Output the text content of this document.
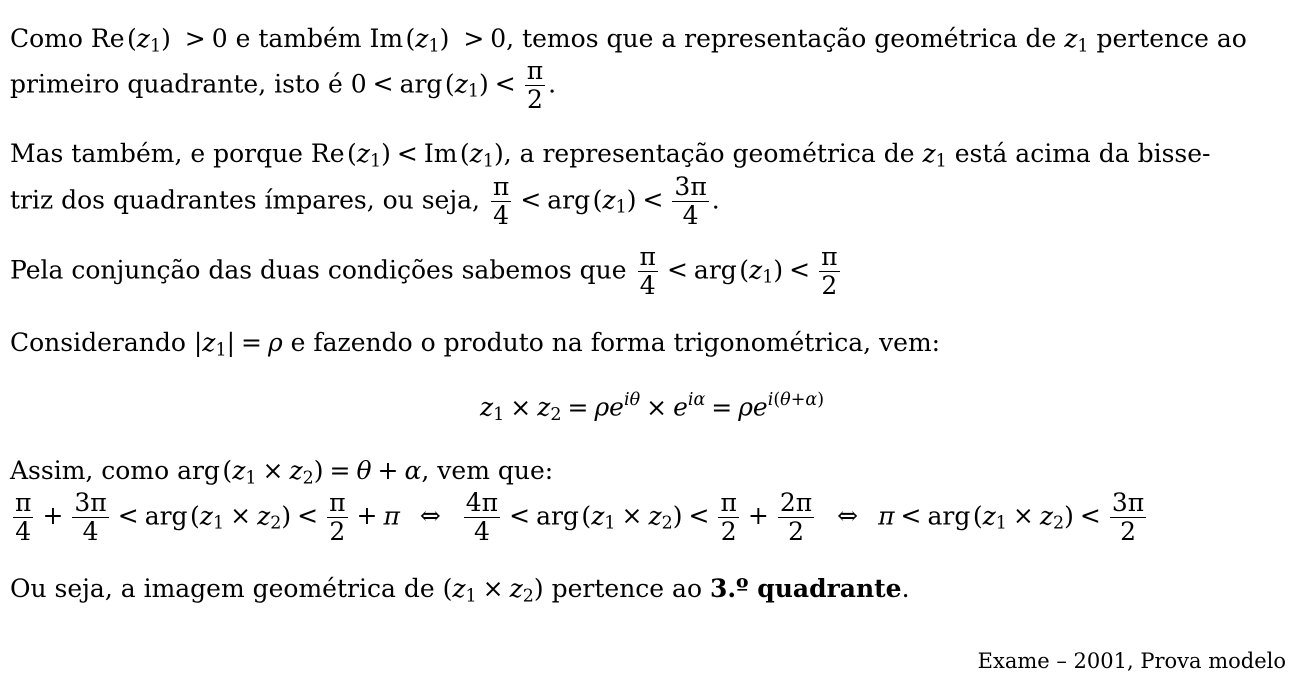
Como Re $(z_1) > 0$ e também Im $(z_1) > 0$, temos que a representação geométrica de $z_1$ pertence ao
primeiro quadrante, isto é 0 < arg $(z_1) < \frac{\pi}{2}$ .
Mas também, e porque Re $(z_1) < Im$ $(z_1)$, a representação geométrica de $z_1$ está acima da bisse-
triz dos quadrantes ímpares, ou seja, $\frac{\pi}{4}$ < arg $(z_1) < \frac{3\pi}{4}$ .
Pela conjunção das duas condições sabemos que $\frac{\pi}{4}$ < arg $(z_1) < \frac{\pi}{2}$
Considerando $|z_1| = \rho$ e fazendo o produto na forma trigonométrica, vem:
$z_1 \times z_2 = \rho e^{i\theta} \times e^{i\alpha} = \rho e^{i(\theta+\alpha)}$
Assim, como arg $(z_1 \times z_2) = \theta + \alpha$, vem que:
$\frac{\pi}{4} + \frac{3\pi}{4}$ < arg $(z_1 \times z_2) < \frac{\pi}{2} + \pi$ ⇔ $\frac{4\pi}{4}$ < arg $(z_1 \times z_2) < \frac{\pi}{2} + \frac{2\pi}{2}$ ⇔ π < arg $(z_1 \times z_2) < \frac{3\pi}{2}$
Ou seja, a imagem geométrica de $(z_1 \times z_2)$ pertence ao 3.º quadrante.
Exame – 2001, Prova modelo
